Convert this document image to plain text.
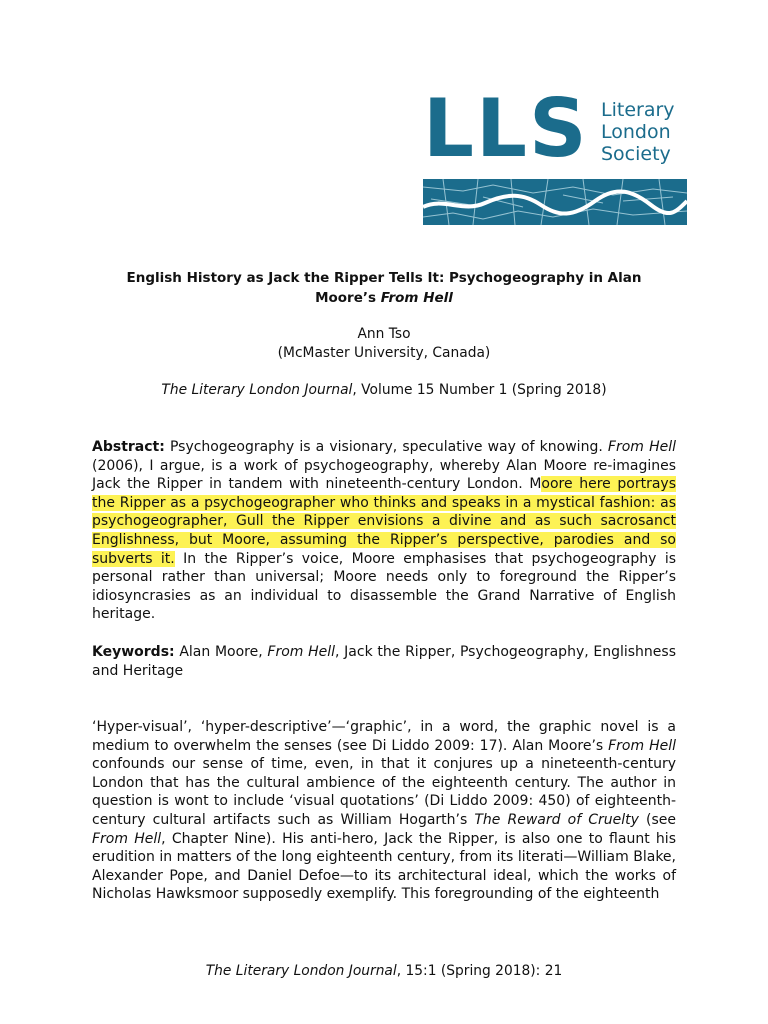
LLS Literary
London
Society
English History as Jack the Ripper Tells It: Psychogeography in Alan
Moore’s From Hell
Ann Tso
(McMaster University, Canada)
The Literary London Journal, Volume 15 Number 1 (Spring 2018)

Abstract: Psychogeography is a visionary, speculative way of knowing. From Hell (2006), I argue, is a work of psychogeography, whereby Alan Moore re-imagines Jack the Ripper in tandem with nineteenth-century London. Moore here portrays the Ripper as a psychogeographer who thinks and speaks in a mystical fashion: as psychogeographer, Gull the Ripper envisions a divine and as such sacrosanct Englishness, but Moore, assuming the Ripper’s perspective, parodies and so subverts it. In the Ripper’s voice, Moore emphasises that psychogeography is personal rather than universal; Moore needs only to foreground the Ripper’s idiosyncrasies as an individual to disassemble the Grand Narrative of English heritage.

Keywords: Alan Moore, From Hell, Jack the Ripper, Psychogeography, Englishness and Heritage

‘Hyper-visual’, ‘hyper-descriptive’—‘graphic’, in a word, the graphic novel is a medium to overwhelm the senses (see Di Liddo 2009: 17). Alan Moore’s From Hell confounds our sense of time, even, in that it conjures up a nineteenth-century London that has the cultural ambience of the eighteenth century. The author in question is wont to include ‘visual quotations’ (Di Liddo 2009: 450) of eighteenth-century cultural artifacts such as William Hogarth’s The Reward of Cruelty (see From Hell, Chapter Nine). His anti-hero, Jack the Ripper, is also one to flaunt his erudition in matters of the long eighteenth century, from its literati—William Blake, Alexander Pope, and Daniel Defoe—to its architectural ideal, which the works of Nicholas Hawksmoor supposedly exemplify. This foregrounding of the eighteenth

The Literary London Journal, 15:1 (Spring 2018): 21
